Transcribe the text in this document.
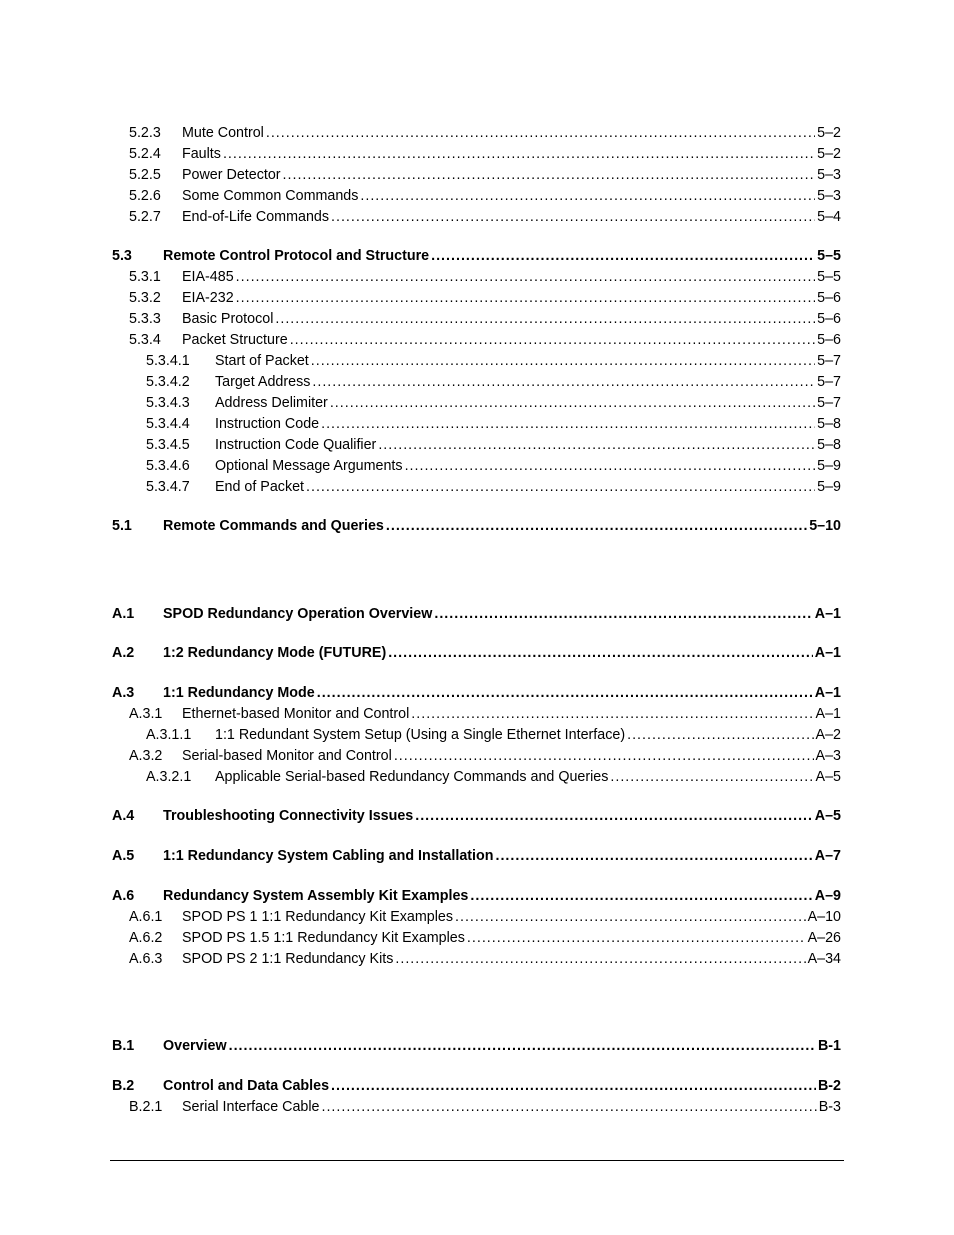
5.2.3	Mute Control .....	5–2
5.2.4	Faults .....	5–2
5.2.5	Power Detector .....	5–3
5.2.6	Some Common Commands .....	5–3
5.2.7	End-of-Life Commands .....	5–4
5.3	Remote Control Protocol and Structure .....	5–5
5.3.1	EIA-485 .....	5–5
5.3.2	EIA-232 .....	5–6
5.3.3	Basic Protocol .....	5–6
5.3.4	Packet Structure .....	5–6
5.3.4.1	Start of Packet .....	5–7
5.3.4.2	Target Address .....	5–7
5.3.4.3	Address Delimiter .....	5–7
5.3.4.4	Instruction Code .....	5–8
5.3.4.5	Instruction Code Qualifier .....	5–8
5.3.4.6	Optional Message Arguments .....	5–9
5.3.4.7	End of Packet .....	5–9
5.1	Remote Commands and Queries .....	5–10
A.1	SPOD Redundancy Operation Overview .....	A–1
A.2	1:2 Redundancy Mode (FUTURE) .....	A–1
A.3	1:1 Redundancy Mode .....	A–1
A.3.1	Ethernet-based Monitor and Control .....	A–1
A.3.1.1	1:1 Redundant System Setup (Using a Single Ethernet Interface) .....	A–2
A.3.2	Serial-based Monitor and Control .....	A–3
A.3.2.1	Applicable Serial-based Redundancy Commands and Queries .....	A–5
A.4	Troubleshooting Connectivity Issues .....	A–5
A.5	1:1 Redundancy System Cabling and Installation .....	A–7
A.6	Redundancy System Assembly Kit Examples .....	A–9
A.6.1	SPOD PS 1 1:1 Redundancy Kit Examples .....	A–10
A.6.2	SPOD PS 1.5 1:1 Redundancy Kit Examples .....	A–26
A.6.3	SPOD PS 2 1:1 Redundancy Kits .....	A–34
B.1	Overview .....	B-1
B.2	Control and Data Cables .....	B-2
B.2.1	Serial Interface Cable .....	B-3
